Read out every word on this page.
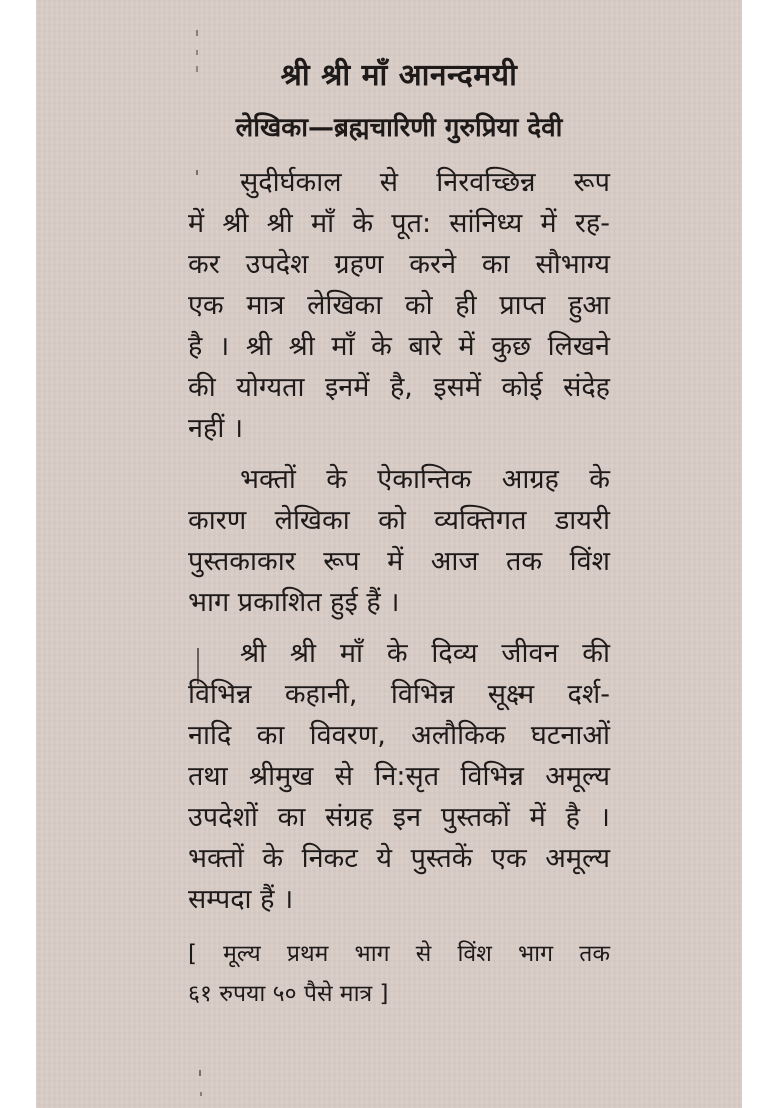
श्री श्री माँ आनन्दमयी
लेखिका—ब्रह्मचारिणी गुरुप्रिया देवी
सुदीर्घकाल से निरवच्छिन्न रूप
में श्री श्री माँ के पूत: सांनिध्य में रह-
कर उपदेश ग्रहण करने का सौभाग्य
एक मात्र लेखिका को ही प्राप्त हुआ
है । श्री श्री माँ के बारे में कुछ लिखने
की योग्यता इनमें है, इसमें कोई संदेह
नहीं ।
भक्तों के ऐकान्तिक आग्रह के
कारण लेखिका को व्यक्तिगत डायरी
पुस्तकाकार रूप में आज तक विंश
भाग प्रकाशित हुई हैं ।
श्री श्री माँ के दिव्य जीवन की
विभिन्न कहानी, विभिन्न सूक्ष्म दर्श-
नादि का विवरण, अलौकिक घटनाओं
तथा श्रीमुख से नि:सृत विभिन्न अमूल्य
उपदेशों का संग्रह इन पुस्तकों में है ।
भक्तों के निकट ये पुस्तकें एक अमूल्य
सम्पदा हैं ।
[ मूल्य प्रथम भाग से विंश भाग तक
६१ रुपया ५० पैसे मात्र ]
